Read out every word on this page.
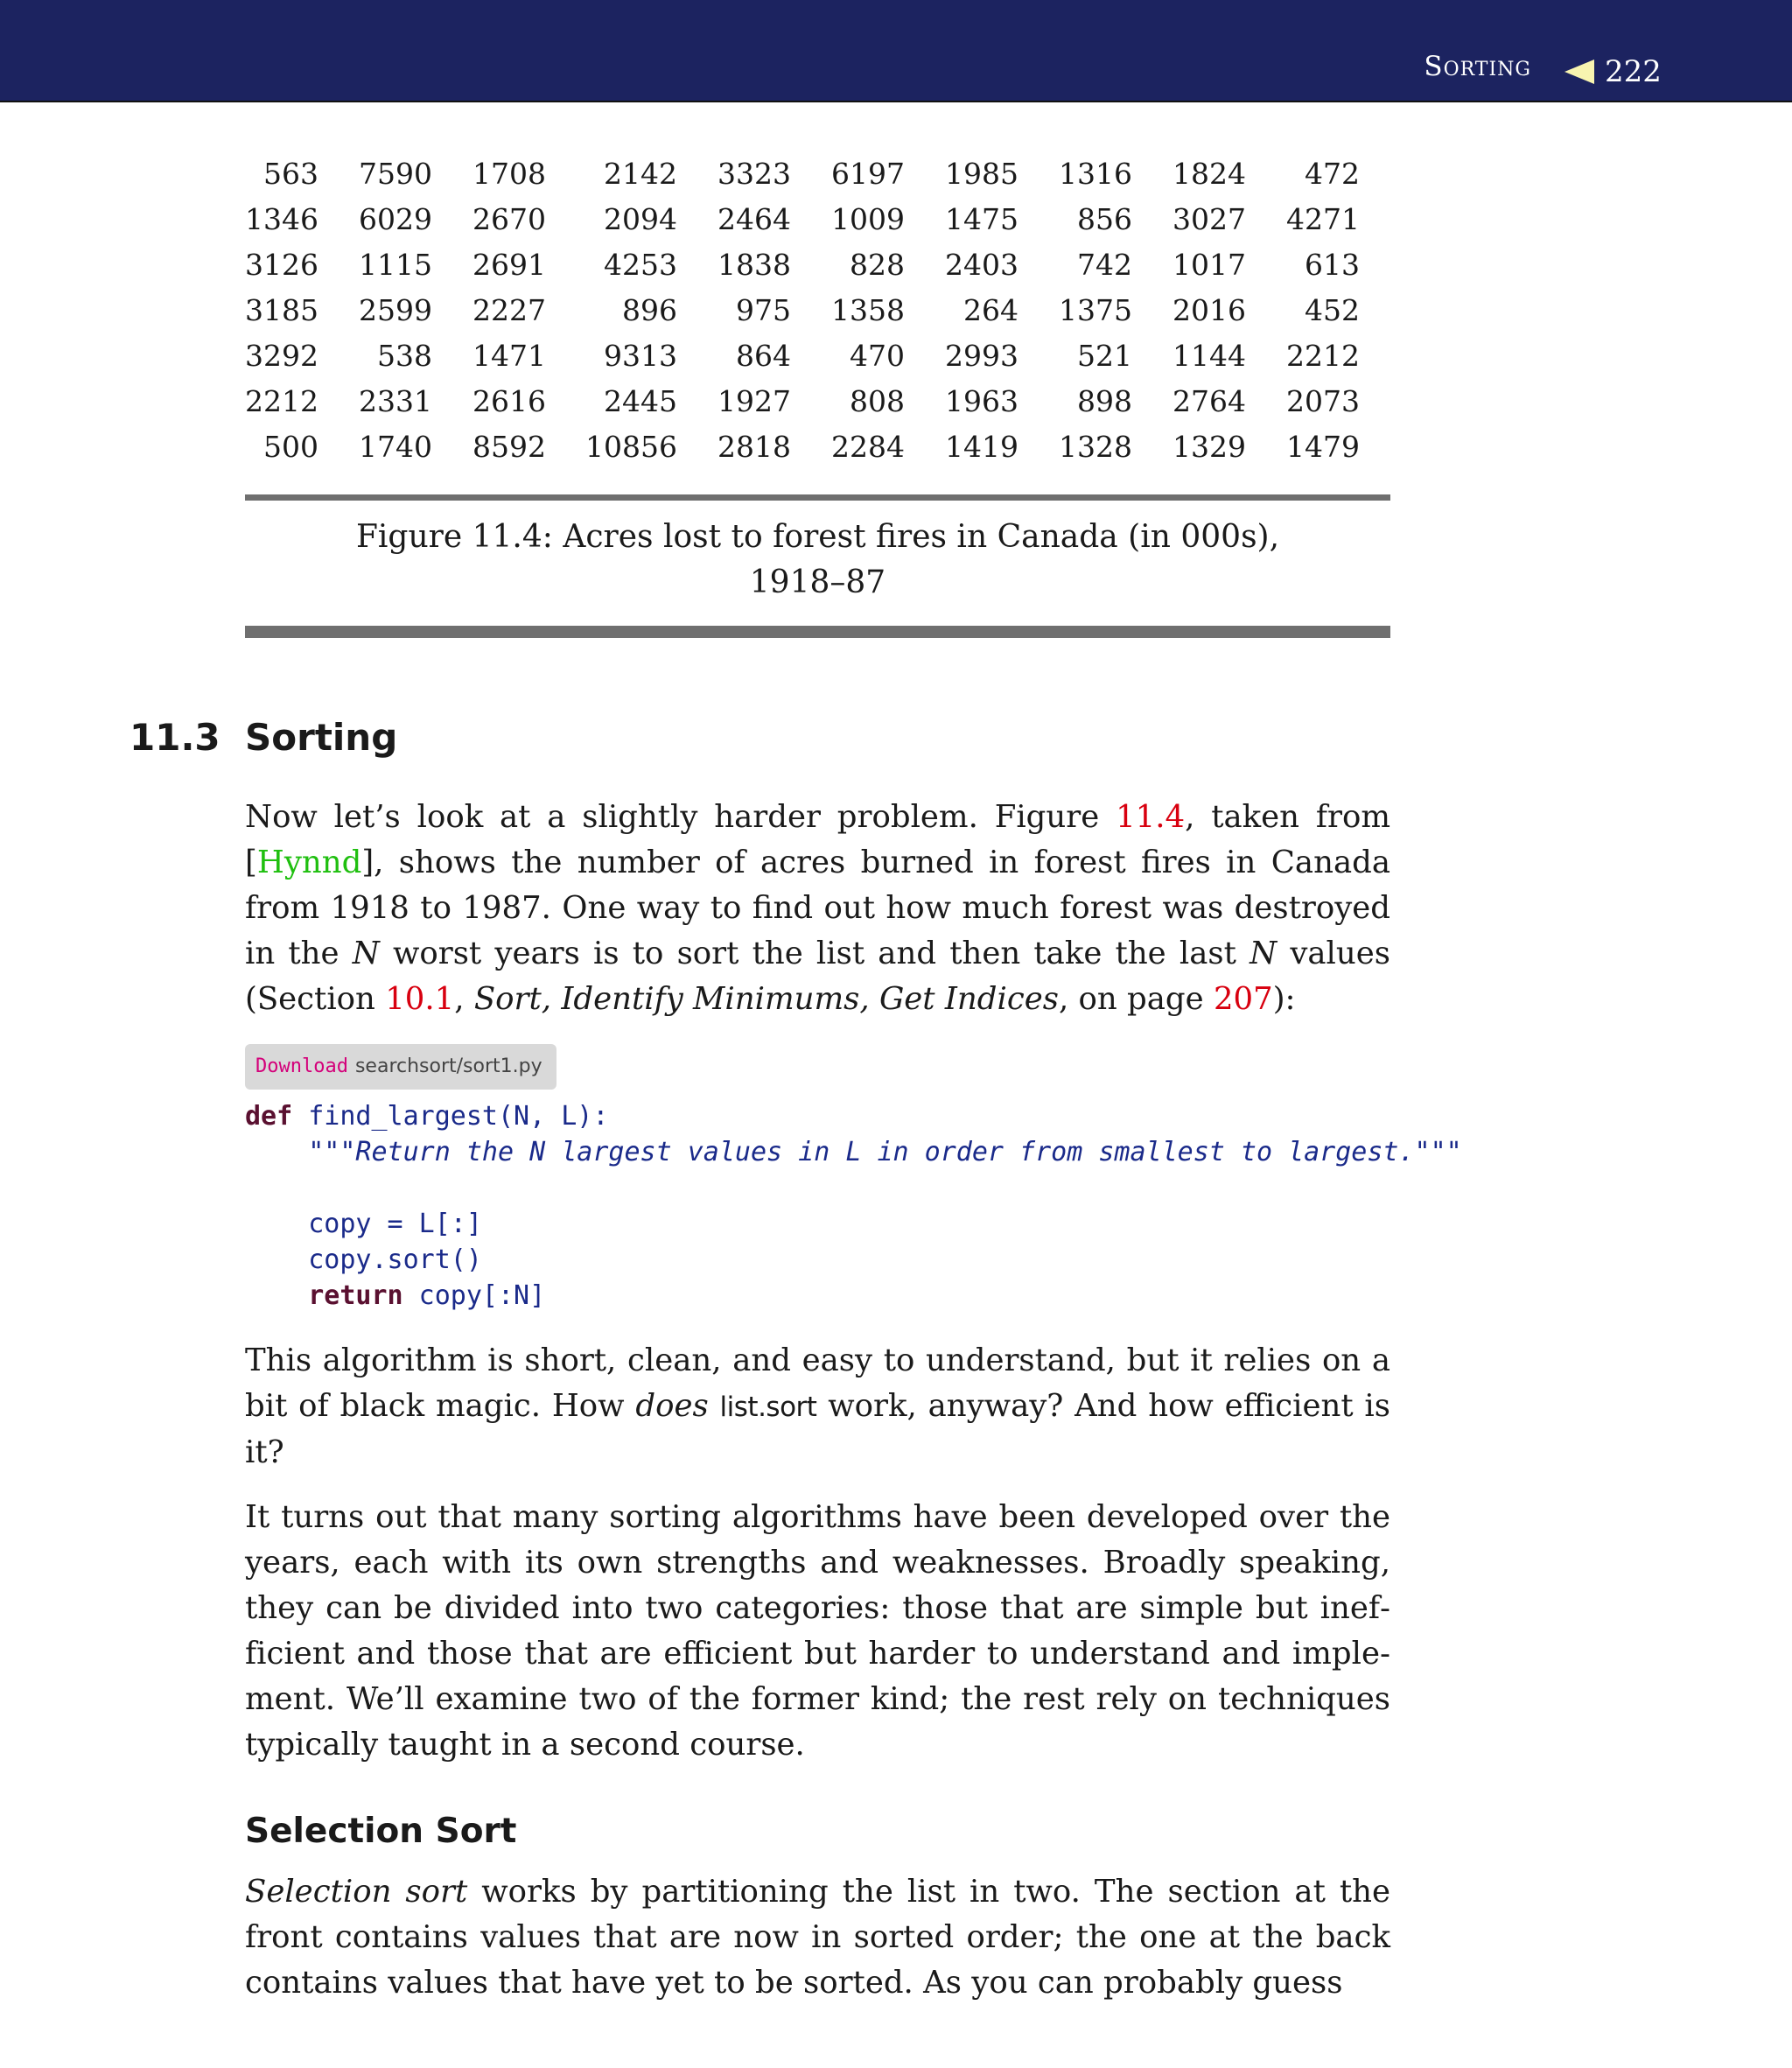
Sorting 222
563	7590	1708	2142	3323	6197	1985	1316	1824	472
1346	6029	2670	2094	2464	1009	1475	856	3027	4271
3126	1115	2691	4253	1838	828	2403	742	1017	613
3185	2599	2227	896	975	1358	264	1375	2016	452
3292	538	1471	9313	864	470	2993	521	1144	2212
2212	2331	2616	2445	1927	808	1963	898	2764	2073
500	1740	8592	10856	2818	2284	1419	1328	1329	1479
Figure 11.4: Acres lost to forest fires in Canada (in 000s),
1918–87
11.3 Sorting

Now let’s look at a slightly harder problem. Figure 11.4, taken from [Hynnd], shows the number of acres burned in forest fires in Canada from 1918 to 1987. One way to find out how much forest was destroyed in the N worst years is to sort the list and then take the last N values (Section 10.1, Sort, Identify Minimums, Get Indices, on page 207):

Download searchsort/sort1.py
def find_largest(N, L):
"""Return the N largest values in L in order from smallest to largest."""
copy = L[:]
copy.sort()
return copy[:N]

This algorithm is short, clean, and easy to understand, but it relies on a bit of black magic. How does list.sort work, anyway? And how efficient is it?

It turns out that many sorting algorithms have been developed over the years, each with its own strengths and weaknesses. Broadly speaking, they can be divided into two categories: those that are simple but inefficient and those that are efficient but harder to understand and implement. We’ll examine two of the former kind; the rest rely on techniques typically taught in a second course.

Selection Sort

Selection sort works by partitioning the list in two. The section at the front contains values that are now in sorted order; the one at the back contains values that have yet to be sorted. As you can probably guess
